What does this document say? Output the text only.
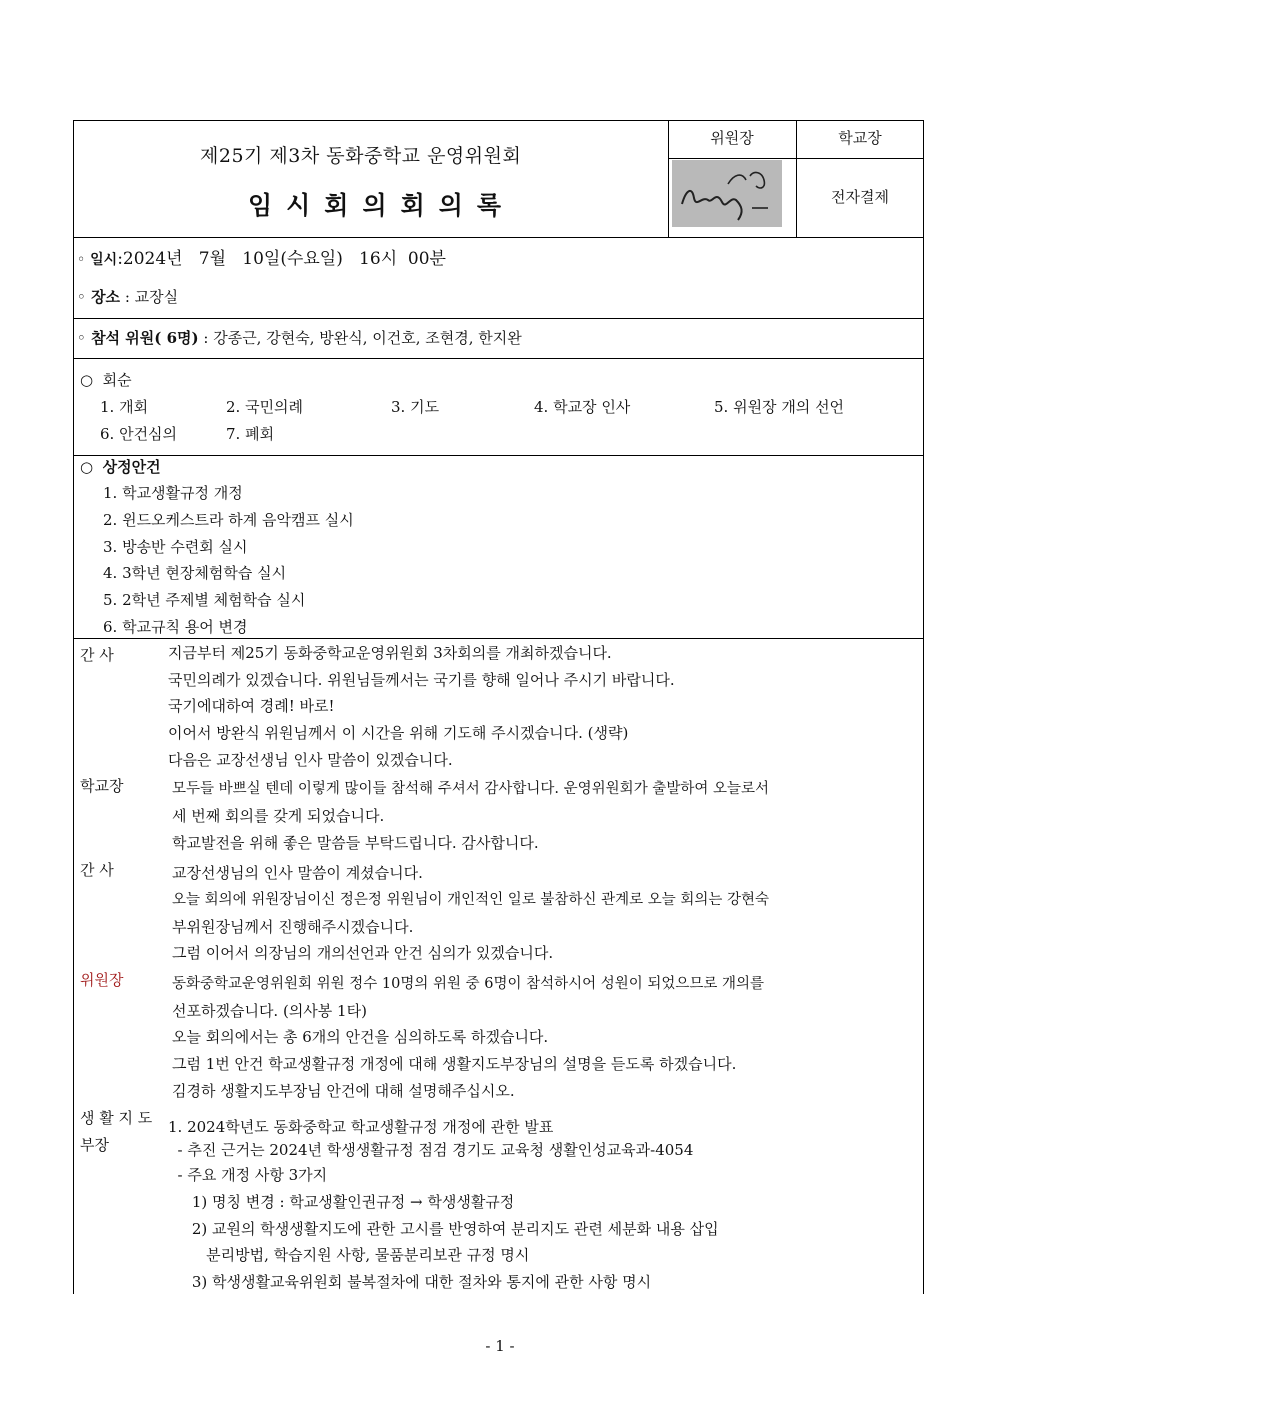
제25기 제3차 동화중학교 운영위원회
임시회의회의록
위원장	학교장
전자결제
◦ 일시:2024년   7월   10일(수요일)   16시  00분
◦ 장소 : 교장실
◦ 참석 위원( 6명) : 강종근, 강현숙, 방완식, 이건호, 조현경, 한지완
○  회순
1. 개회	2. 국민의례	3. 기도	4. 학교장 인사	5. 위원장 개의 선언
6. 안건심의	7. 폐회
○ 상정안건
1. 학교생활규정 개정
2. 윈드오케스트라 하계 음악캠프 실시
3. 방송반 수련회 실시
4. 3학년 현장체험학습 실시
5. 2학년 주제별 체험학습 실시
6. 학교규칙 용어 변경
간 사	지금부터 제25기 동화중학교운영위원회 3차회의를 개최하겠습니다.
국민의례가 있겠습니다. 위원님들께서는 국기를 향해 일어나 주시기 바랍니다.
국기에대하여 경례! 바로!
이어서 방완식 위원님께서 이 시간을 위해 기도해 주시겠습니다. (생략)
다음은 교장선생님 인사 말씀이 있겠습니다.
학교장	모두들 바쁘실 텐데 이렇게 많이들 참석해 주셔서 감사합니다. 운영위원회가 출발하여 오늘로서
세 번째 회의를 갖게 되었습니다.
학교발전을 위해 좋은 말씀들 부탁드립니다. 감사합니다.
간 사	교장선생님의 인사 말씀이 계셨습니다.
오늘 회의에 위원장님이신 정은정 위원님이 개인적인 일로 불참하신 관계로 오늘 회의는 강현숙
부위원장님께서 진행해주시겠습니다.
그럼 이어서 의장님의 개의선언과 안건 심의가 있겠습니다.
위원장	동화중학교운영위원회 위원 정수 10명의 위원 중 6명이 참석하시어 성원이 되었으므로 개의를
선포하겠습니다. (의사봉 1타)
오늘 회의에서는 총 6개의 안건을 심의하도록 하겠습니다.
그럼 1번 안건 학교생활규정 개정에 대해 생활지도부장님의 설명을 듣도록 하겠습니다.
김경하 생활지도부장님 안건에 대해 설명해주십시오.
생 활 지 도
부장
1. 2024학년도 동화중학교 학교생활규정 개정에 관한 발표
- 추진 근거는 2024년 학생생활규정 점검 경기도 교육청 생활인성교육과-4054
- 주요 개정 사항 3가지
1) 명칭 변경 : 학교생활인권규정 → 학생생활규정
2) 교원의 학생생활지도에 관한 고시를 반영하여 분리지도 관련 세분화 내용 삽입
분리방법, 학습지원 사항, 물품분리보관 규정 명시
3) 학생생활교육위원회 불복절차에 대한 절차와 통지에 관한 사항 명시
- 1 -
